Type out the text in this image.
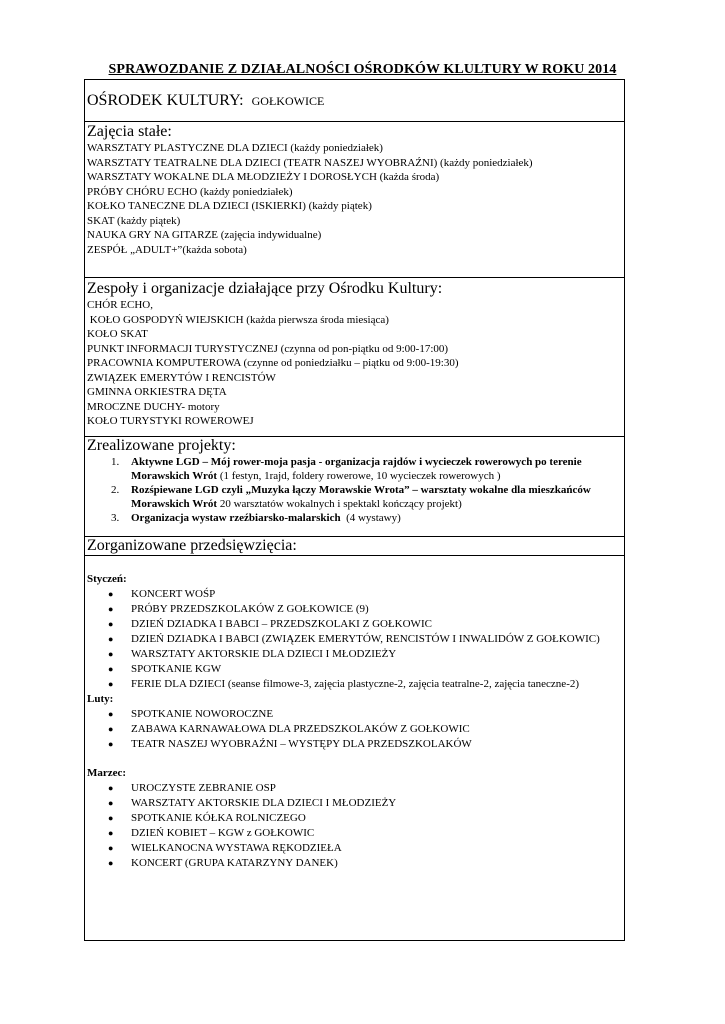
SPRAWOZDANIE Z DZIAŁALNOŚCI OŚRODKÓW KLULTURY W ROKU 2014
OŚRODEK KULTURY: GOŁKOWICE
Zajęcia stałe:
WARSZTATY PLASTYCZNE DLA DZIECI (każdy poniedziałek)
WARSZTATY TEATRALNE DLA DZIECI (TEATR NASZEJ WYOBRAŹNI) (każdy poniedziałek)
WARSZTATY WOKALNE DLA MŁODZIEŻY I DOROSŁYCH (każda środa)
PRÓBY CHÓRU ECHO (każdy poniedziałek)
KOŁKO TANECZNE DLA DZIECI (ISKIERKI) (każdy piątek)
SKAT (każdy piątek)
NAUKA GRY NA GITARZE (zajęcia indywidualne)
ZESPÓŁ „ADULT+”(każda sobota)
Zespoły i organizacje działające przy Ośrodku Kultury:
CHÓR ECHO,
KOŁO GOSPODYŃ WIEJSKICH (każda pierwsza środa miesiąca)
KOŁO SKAT
PUNKT INFORMACJI TURYSTYCZNEJ (czynna od pon-piątku od 9:00-17:00)
PRACOWNIA KOMPUTEROWA (czynne od poniedziałku – piątku od 9:00-19:30)
ZWIĄZEK EMERYTÓW I RENCISTÓW
GMINNA ORKIESTRA DĘTA
MROCZNE DUCHY- motory
KOŁO TURYSTYKI ROWEROWEJ
Zrealizowane projekty:
1. Aktywne LGD – Mój rower-moja pasja - organizacja rajdów i wycieczek rowerowych po terenie Morawskich Wrót (1 festyn, 1rajd, foldery rowerowe, 10 wycieczek rowerowych )
2. Rozśpiewane LGD czyli „Muzyka łączy Morawskie Wrota” – warsztaty wokalne dla mieszkańców Morawskich Wrót 20 warsztatów wokalnych i spektakl kończący projekt)
3. Organizacja wystaw rzeźbiarsko-malarskich  (4 wystawy)
Zorganizowane przedsięwzięcia:
Styczeń:
● KONCERT WOŚP
● PRÓBY PRZEDSZKOLAKÓW Z GOŁKOWICE (9)
● DZIEŃ DZIADKA I BABCI – PRZEDSZKOLAKI Z GOŁKOWIC
● DZIEŃ DZIADKA I BABCI (ZWIĄZEK EMERYTÓW, RENCISTÓW I INWALIDÓW Z GOŁKOWIC)
● WARSZTATY AKTORSKIE DLA DZIECI I MŁODZIEŻY
● SPOTKANIE KGW
● FERIE DLA DZIECI (seanse filmowe-3, zajęcia plastyczne-2, zajęcia teatralne-2, zajęcia taneczne-2)
Luty:
● SPOTKANIE NOWOROCZNE
● ZABAWA KARNAWAŁOWA DLA PRZEDSZKOLAKÓW Z GOŁKOWIC
● TEATR NASZEJ WYOBRAŹNI – WYSTĘPY DLA PRZEDSZKOLAKÓW
Marzec:
● UROCZYSTE ZEBRANIE OSP
● WARSZTATY AKTORSKIE DLA DZIECI I MŁODZIEŻY
● SPOTKANIE KÓŁKA ROLNICZEGO
● DZIEŃ KOBIET – KGW z GOŁKOWIC
● WIELKANOCNA WYSTAWA RĘKODZIEŁA
● KONCERT (GRUPA KATARZYNY DANEK)
